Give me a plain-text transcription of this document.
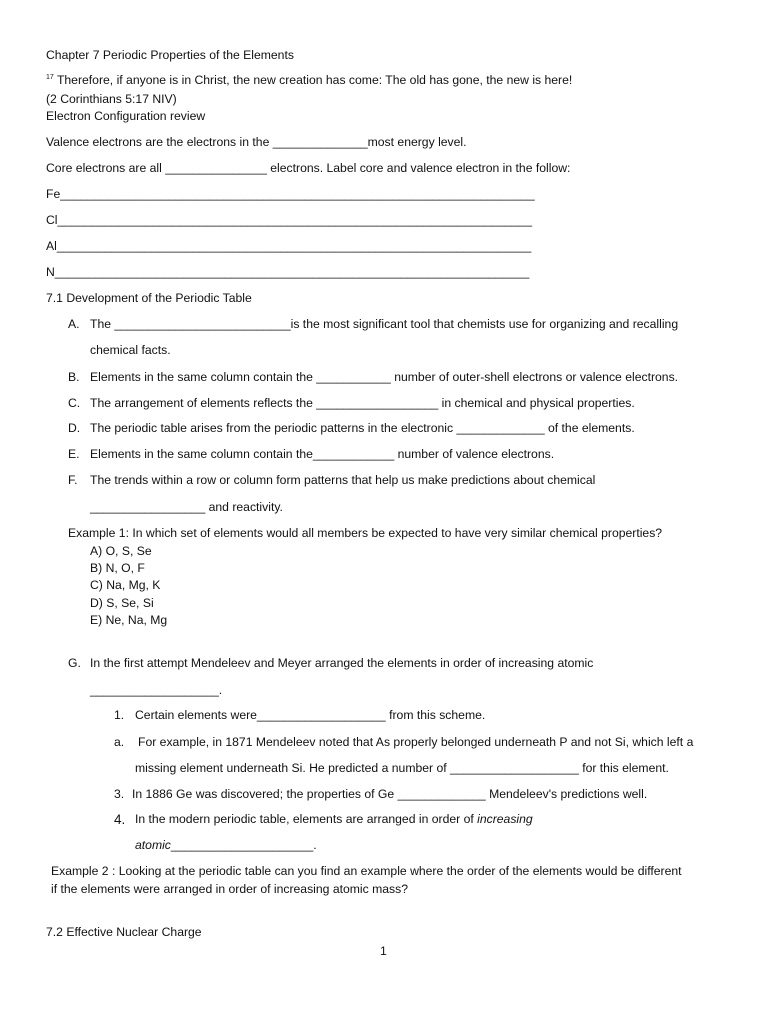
Chapter 7 Periodic Properties of the Elements
$^{17}$ Therefore, if anyone is in Christ, the new creation has come: The old has gone, the new is here!
(2 Corinthians 5:17 NIV)
Electron Configuration review
Valence electrons are the electrons in the ______________most energy level.
Core electrons are all _______________ electrons. Label core and valence electron in the follow:
Fe______________________________________________________________________
Cl______________________________________________________________________
Al______________________________________________________________________
N______________________________________________________________________
7.1 Development of the Periodic Table
A. The __________________________is the most significant tool that chemists use for organizing and recalling
chemical facts.
B. Elements in the same column contain the ___________ number of outer-shell electrons or valence electrons.
C. The arrangement of elements reflects the __________________ in chemical and physical properties.
D. The periodic table arises from the periodic patterns in the electronic _____________ of the elements.
E. Elements in the same column contain the____________ number of valence electrons.
F. The trends within a row or column form patterns that help us make predictions about chemical
_________________ and reactivity.
Example 1: In which set of elements would all members be expected to have very similar chemical properties?
A) O, S, Se
B) N, O, F
C) Na, Mg, K
D) S, Se, Si
E) Ne, Na, Mg
G. In the first attempt Mendeleev and Meyer arranged the elements in order of increasing atomic
___________________.
1. Certain elements were___________________ from this scheme.
a. For example, in 1871 Mendeleev noted that As properly belonged underneath P and not Si, which left a
missing element underneath Si. He predicted a number of ___________________ for this element.
3. In 1886 Ge was discovered; the properties of Ge _____________ Mendeleev's predictions well.
4. In the modern periodic table, elements are arranged in order of increasing
atomic_____________________.
Example 2 : Looking at the periodic table can you find an example where the order of the elements would be different
if the elements were arranged in order of increasing atomic mass?
7.2 Effective Nuclear Charge
1
